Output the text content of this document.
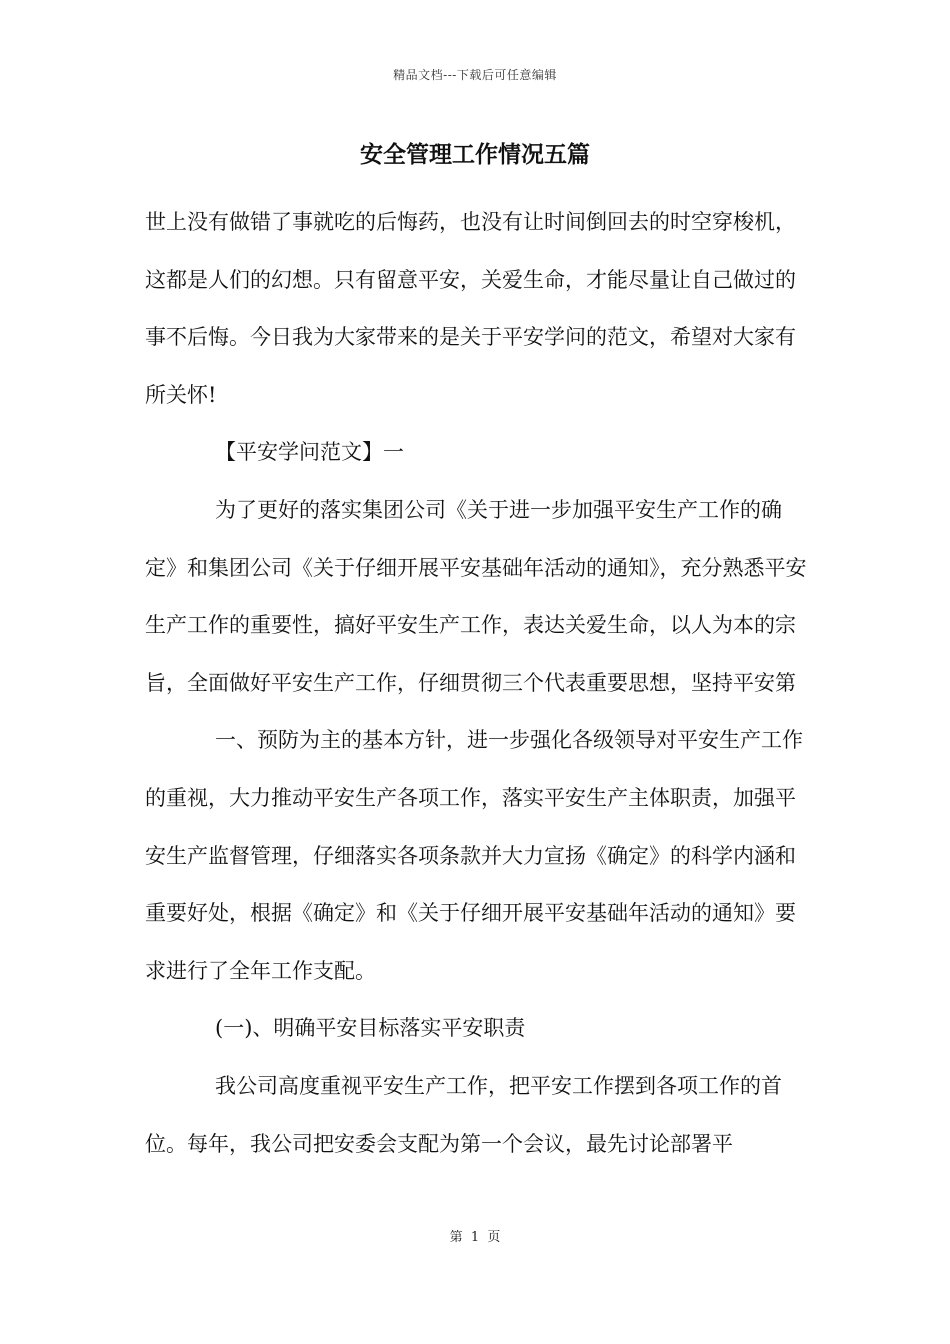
精品文档---下载后可任意编辑
安全管理工作情况五篇

世上没有做错了事就吃的后悔药，也没有让时间倒回去的时空穿梭机，这都是人们的幻想。只有留意平安，关爱生命，才能尽量让自己做过的事不后悔。今日我为大家带来的是关于平安学问的范文，希望对大家有所关怀!

【平安学问范文】一

为了更好的落实集团公司《关于进一步加强平安生产工作的确定》和集团公司《关于仔细开展平安基础年活动的通知》，充分熟悉平安生产工作的重要性，搞好平安生产工作，表达关爱生命，以人为本的宗旨，全面做好平安生产工作，仔细贯彻三个代表重要思想，坚持平安第

一、预防为主的基本方针，进一步强化各级领导对平安生产工作的重视，大力推动平安生产各项工作，落实平安生产主体职责，加强平安生产监督管理，仔细落实各项条款并大力宣扬《确定》的科学内涵和重要好处，根据《确定》和《关于仔细开展平安基础年活动的通知》要求进行了全年工作支配。

(一)、明确平安目标落实平安职责

我公司高度重视平安生产工作，把平安工作摆到各项工作的首位。每年，我公司把安委会支配为第一个会议，最先讨论部署平

第 1 页
